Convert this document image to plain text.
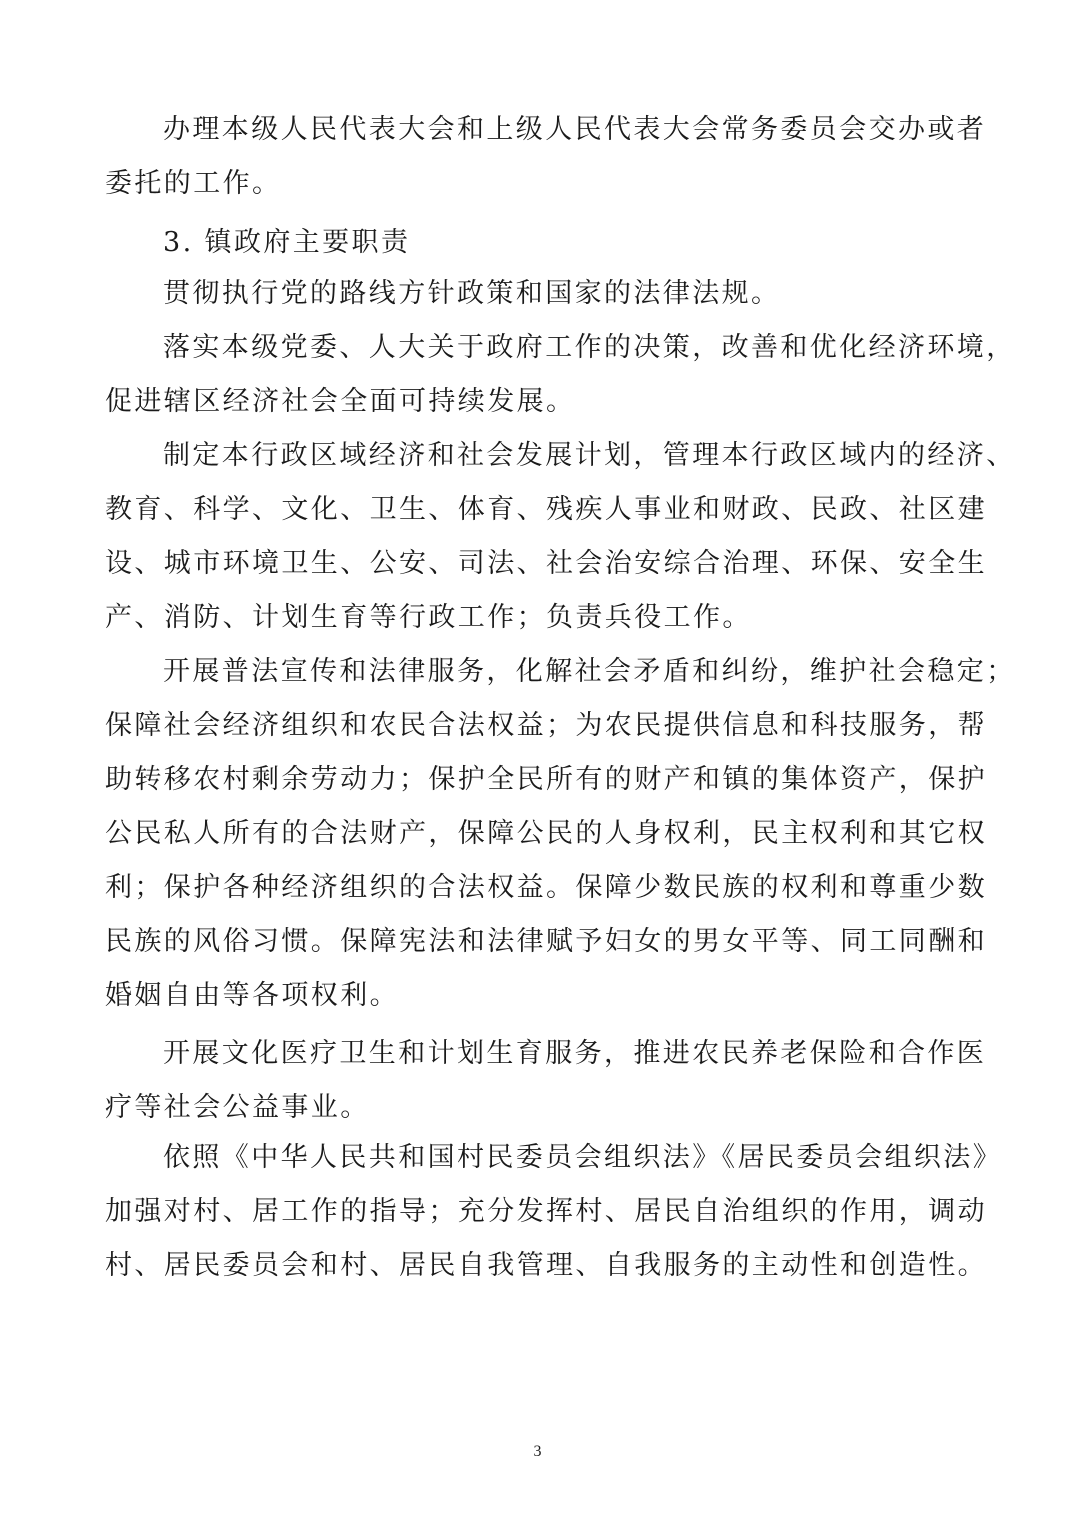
办理本级人民代表大会和上级人民代表大会常务委员会交办或者
委托的工作。
3. 镇政府主要职责
贯彻执行党的路线方针政策和国家的法律法规。
落实本级党委、人大关于政府工作的决策，改善和优化经济环境，
促进辖区经济社会全面可持续发展。
制定本行政区域经济和社会发展计划，管理本行政区域内的经济、
教育、科学、文化、卫生、体育、残疾人事业和财政、民政、社区建
设、城市环境卫生、公安、司法、社会治安综合治理、环保、安全生
产、消防、计划生育等行政工作；负责兵役工作。
开展普法宣传和法律服务，化解社会矛盾和纠纷，维护社会稳定；
保障社会经济组织和农民合法权益；为农民提供信息和科技服务，帮
助转移农村剩余劳动力；保护全民所有的财产和镇的集体资产，保护
公民私人所有的合法财产，保障公民的人身权利，民主权利和其它权
利；保护各种经济组织的合法权益。保障少数民族的权利和尊重少数
民族的风俗习惯。保障宪法和法律赋予妇女的男女平等、同工同酬和
婚姻自由等各项权利。
开展文化医疗卫生和计划生育服务，推进农民养老保险和合作医
疗等社会公益事业。
依照《中华人民共和国村民委员会组织法》《居民委员会组织法》
加强对村、居工作的指导；充分发挥村、居民自治组织的作用，调动
村、居民委员会和村、居民自我管理、自我服务的主动性和创造性。
3
